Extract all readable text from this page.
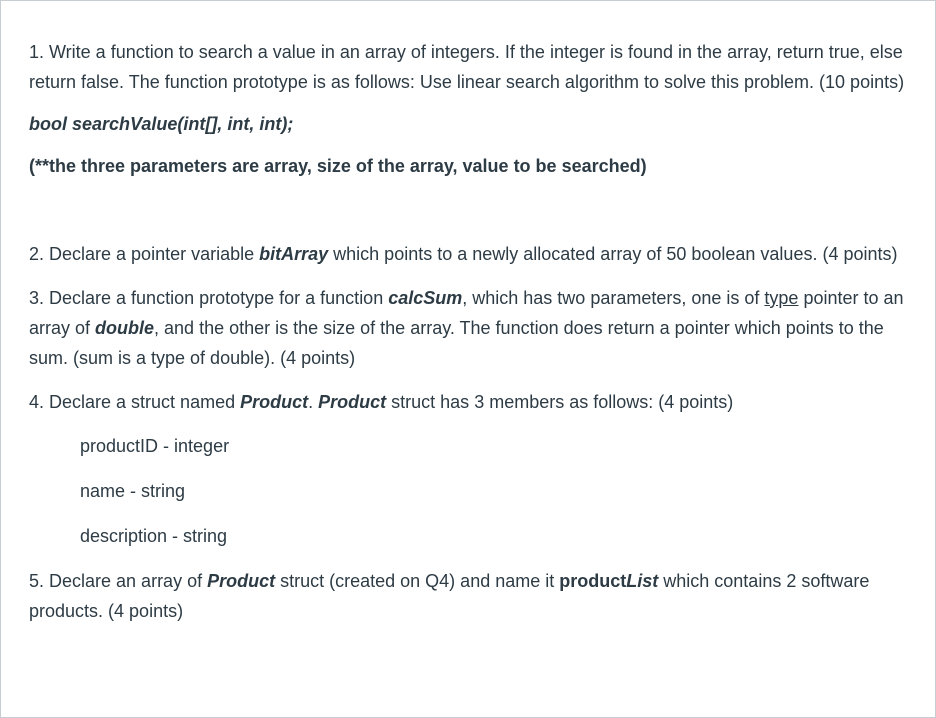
1. Write a function to search a value in an array of integers. If the integer is found in the array, return true, else return false. The function prototype is as follows: Use linear search algorithm to solve this problem. (10 points)

bool searchValue(int[], int, int);

(**the three parameters are array, size of the array, value to be searched)

2. Declare a pointer variable bitArray which points to a newly allocated array of 50 boolean values. (4 points)

3. Declare a function prototype for a function calcSum, which has two parameters, one is of type pointer to an array of double, and the other is the size of the array. The function does return a pointer which points to the sum. (sum is a type of double). (4 points)

4. Declare a struct named Product. Product struct has 3 members as follows: (4 points)

productID - integer

name - string

description - string

5. Declare an array of Product struct (created on Q4) and name it productList which contains 2 software products. (4 points)
